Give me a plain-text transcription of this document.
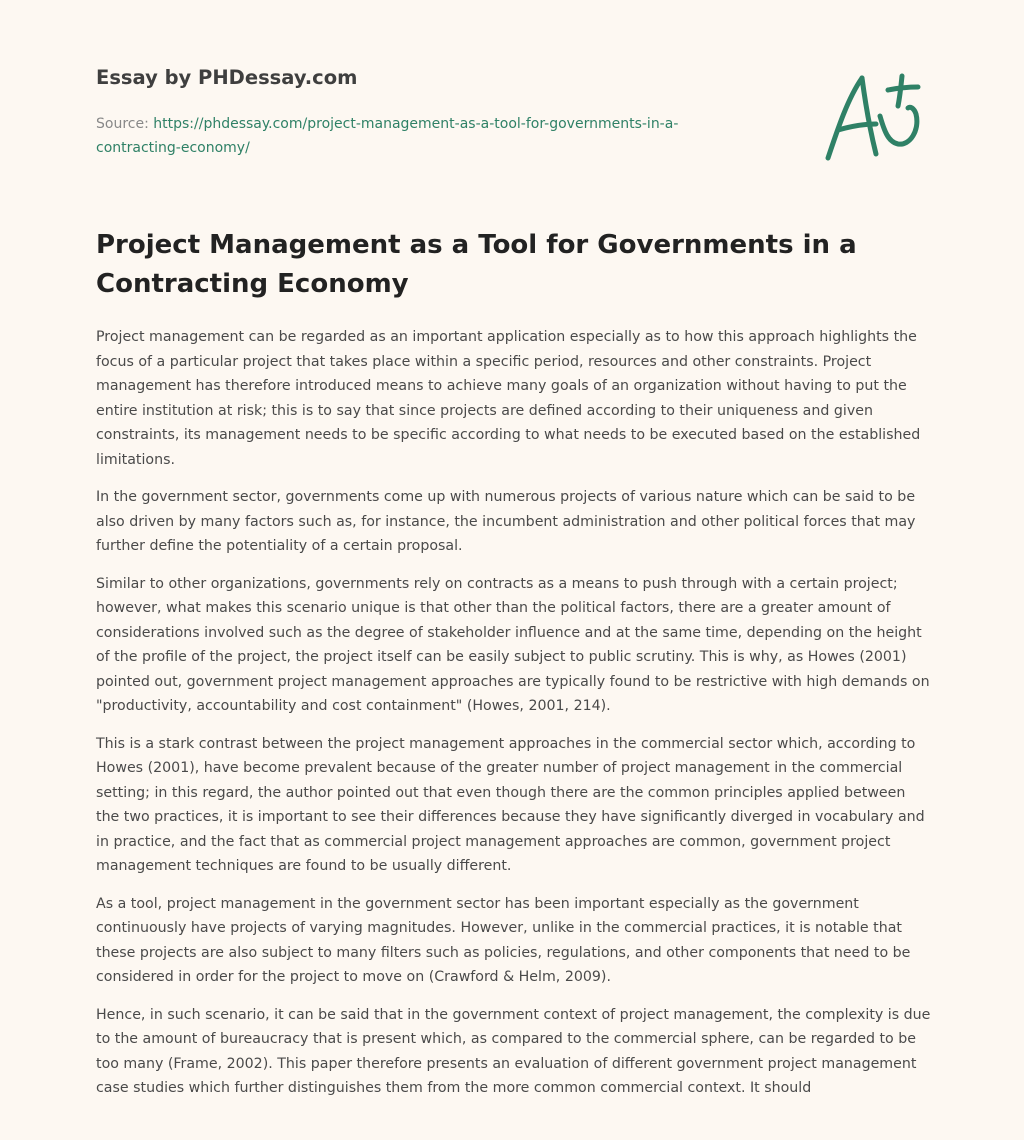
Essay by PHDessay.com
Source: https://phdessay.com/project-management-as-a-tool-for-governments-in-a-contracting-economy/
Project Management as a Tool for Governments in a Contracting Economy

Project management can be regarded as an important application especially as to how this approach highlights the focus of a particular project that takes place within a specific period, resources and other constraints. Project management has therefore introduced means to achieve many goals of an organization without having to put the entire institution at risk; this is to say that since projects are defined according to their uniqueness and given constraints, its management needs to be specific according to what needs to be executed based on the established limitations.

In the government sector, governments come up with numerous projects of various nature which can be said to be also driven by many factors such as, for instance, the incumbent administration and other political forces that may further define the potentiality of a certain proposal.

Similar to other organizations, governments rely on contracts as a means to push through with a certain project; however, what makes this scenario unique is that other than the political factors, there are a greater amount of considerations involved such as the degree of stakeholder influence and at the same time, depending on the height of the profile of the project, the project itself can be easily subject to public scrutiny. This is why, as Howes (2001) pointed out, government project management approaches are typically found to be restrictive with high demands on "productivity, accountability and cost containment" (Howes, 2001, 214).

This is a stark contrast between the project management approaches in the commercial sector which, according to Howes (2001), have become prevalent because of the greater number of project management in the commercial setting; in this regard, the author pointed out that even though there are the common principles applied between the two practices, it is important to see their differences because they have significantly diverged in vocabulary and in practice, and the fact that as commercial project management approaches are common, government project management techniques are found to be usually different.

As a tool, project management in the government sector has been important especially as the government continuously have projects of varying magnitudes. However, unlike in the commercial practices, it is notable that these projects are also subject to many filters such as policies, regulations, and other components that need to be considered in order for the project to move on (Crawford & Helm, 2009).

Hence, in such scenario, it can be said that in the government context of project management, the complexity is due to the amount of bureaucracy that is present which, as compared to the commercial sphere, can be regarded to be too many (Frame, 2002). This paper therefore presents an evaluation of different government project management case studies which further distinguishes them from the more common commercial context. It should
